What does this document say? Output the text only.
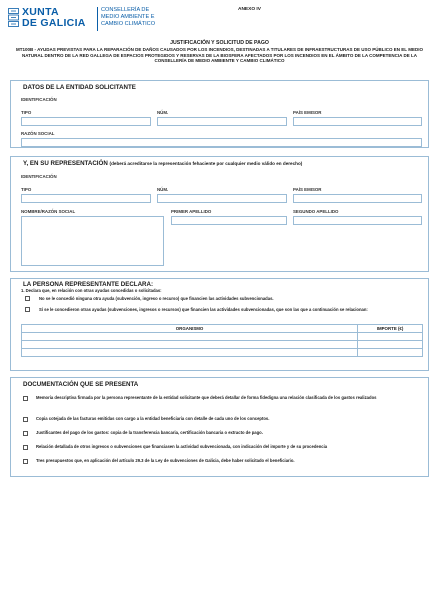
XUNTA
DE GALICIA
CONSELLERÍA DE
MEDIO AMBIENTE E
CAMBIO CLIMÁTICO
ANEXO IV
JUSTIFICACIÓN Y SOLICITUD DE PAGO
MT100B - AYUDAS PREVISTAS PARA LA REPARACIÓN DE DAÑOS CAUSADOS POR LOS INCENDIOS, DESTINADAS A TITULARES DE INFRAESTRUCTURAS DE USO PÚBLICO EN EL MEDIO NATURAL DENTRO DE LA RED GALLEGA DE ESPACIOS PROTEGIDOS Y RESERVAS DE LA BIOSFERA AFECTADOS POR LOS INCENDIOS EN EL ÁMBITO DE LA COMPETENCIA DE LA CONSELLERÍA DE MEDIO AMBIENTE Y CAMBIO CLIMÁTICO
DATOS DE LA ENTIDAD SOLICITANTE
IDENTIFICACIÓN
TIPO	NÚM.	PAÍS EMISOR
RAZÓN SOCIAL
Y, EN SU REPRESENTACIÓN (deberá acreditarse la representación fehaciente por cualquier medio válido en derecho)
IDENTIFICACIÓN
TIPO	NÚM.	PAÍS EMISOR
NOMBRE/RAZÓN SOCIAL	PRIMER APELLIDO	SEGUNDO APELLIDO
LA PERSONA REPRESENTANTE DECLARA:
1. Declara que, en relación con otras ayudas concedidas o solicitadas:
No se le concedió ninguna otra ayuda (subvención, ingreso o recurso) que financien las actividades subvencionadas.
Sí se le concedieron otras ayudas (subvenciones, ingresos o recursos) que financien las actividades subvencionadas, que son las que a continuación se relacionan:
ORGANISMO	IMPORTE (€)

DOCUMENTACIÓN QUE SE PRESENTA
Memoria descriptiva firmada por la persona representante de la entidad solicitante que deberá detallar de forma fidedigna una relación clasificada de los gastos realizados
Copia cotejada de las facturas emitidas con cargo a la entidad beneficiaria con detalle de cada uno de los conceptos.
Justificantes del pago de los gastos: copia de la transferencia bancaria, certificación bancaria o extracto de pago.
Relación detallada de otros ingresos o subvenciones que financiasen la actividad subvencionada, con indicación del importe y de su procedencia
Tres presupuestos que, en aplicación del artículo 29.3 de la Ley de subvenciones de Galicia, debe haber solicitado el beneficiario.
